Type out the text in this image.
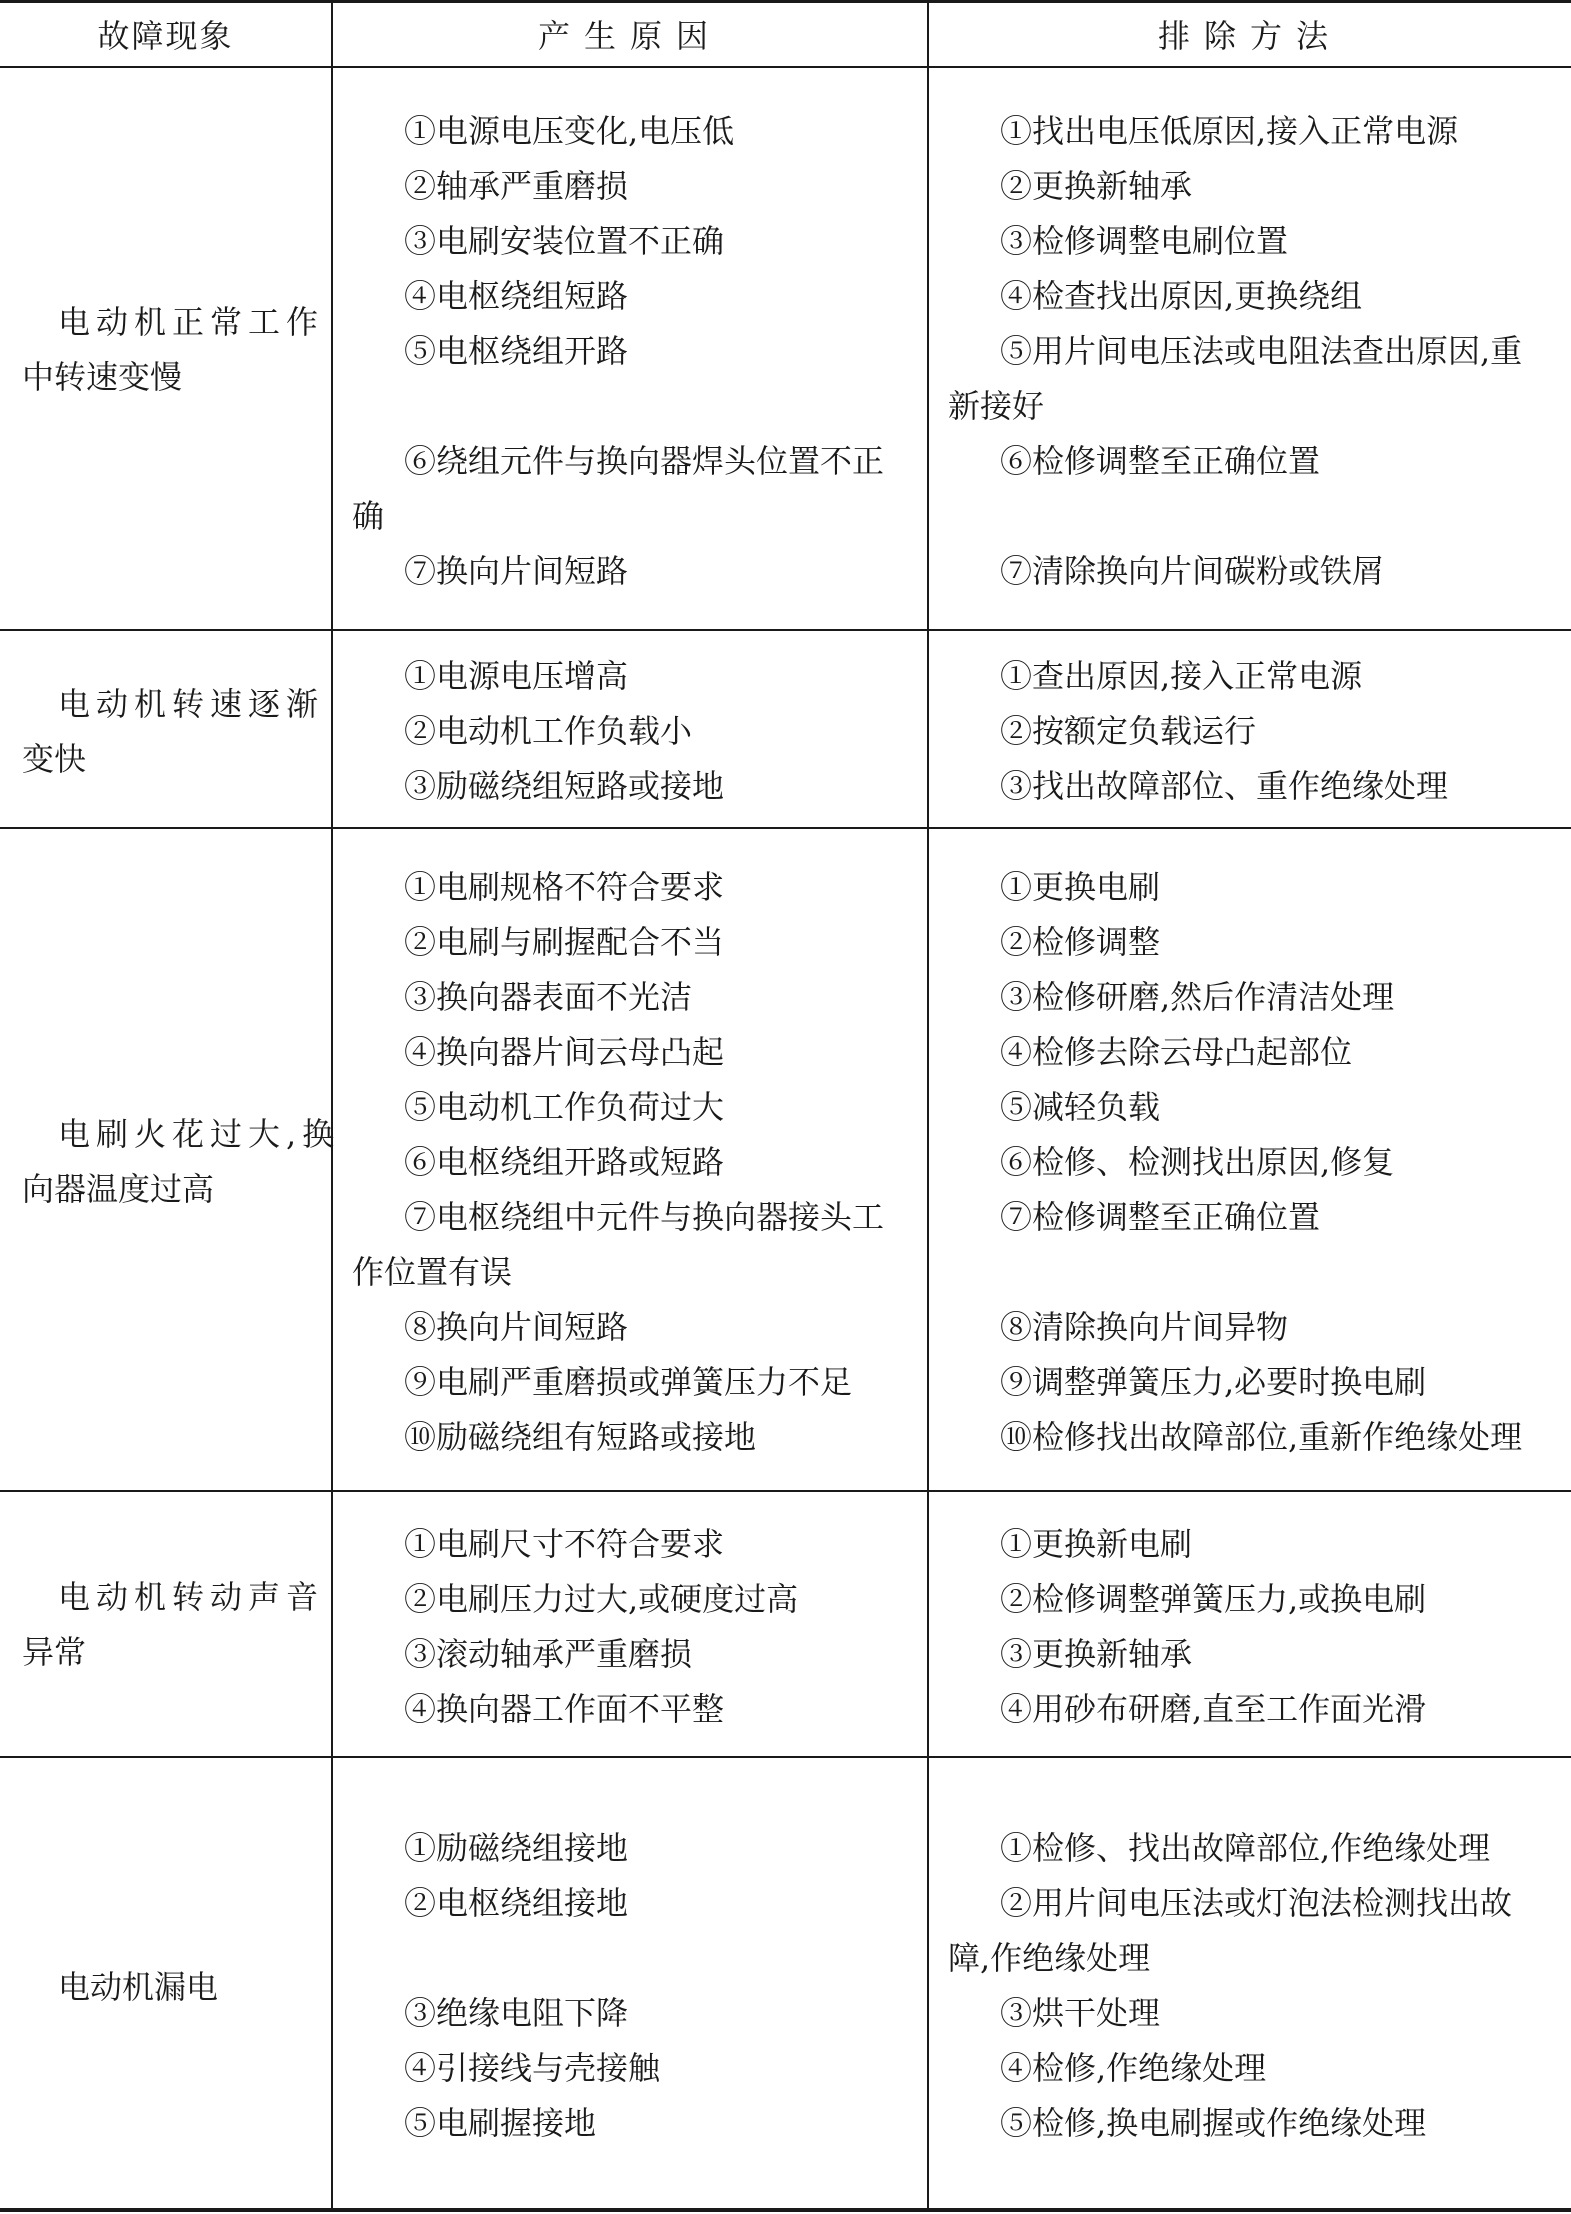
故障现象	产生原因	排除方法
电动机正常工作
中转速变慢
①电源电压变化,电压低
②轴承严重磨损
③电刷安装位置不正确
④电枢绕组短路
⑤电枢绕组开路

⑥绕组元件与换向器焊头位置不正
确
⑦换向片间短路
①找出电压低原因,接入正常电源
②更换新轴承
③检修调整电刷位置
④检查找出原因,更换绕组
⑤用片间电压法或电阻法查出原因,重
新接好
⑥检修调整至正确位置

⑦清除换向片间碳粉或铁屑
电动机转速逐渐
变快
①电源电压增高
②电动机工作负载小
③励磁绕组短路或接地
①查出原因,接入正常电源
②按额定负载运行
③找出故障部位、重作绝缘处理
电刷火花过大,换
向器温度过高
①电刷规格不符合要求
②电刷与刷握配合不当
③换向器表面不光洁
④换向器片间云母凸起
⑤电动机工作负荷过大
⑥电枢绕组开路或短路
⑦电枢绕组中元件与换向器接头工
作位置有误
⑧换向片间短路
⑨电刷严重磨损或弹簧压力不足
⑩励磁绕组有短路或接地
①更换电刷
②检修调整
③检修研磨,然后作清洁处理
④检修去除云母凸起部位
⑤减轻负载
⑥检修、检测找出原因,修复
⑦检修调整至正确位置

⑧清除换向片间异物
⑨调整弹簧压力,必要时换电刷
⑩检修找出故障部位,重新作绝缘处理
电动机转动声音
异常
①电刷尺寸不符合要求
②电刷压力过大,或硬度过高
③滚动轴承严重磨损
④换向器工作面不平整
①更换新电刷
②检修调整弹簧压力,或换电刷
③更换新轴承
④用砂布研磨,直至工作面光滑
电动机漏电
①励磁绕组接地
②电枢绕组接地

③绝缘电阻下降
④引接线与壳接触
⑤电刷握接地
①检修、找出故障部位,作绝缘处理
②用片间电压法或灯泡法检测找出故
障,作绝缘处理
③烘干处理
④检修,作绝缘处理
⑤检修,换电刷握或作绝缘处理
